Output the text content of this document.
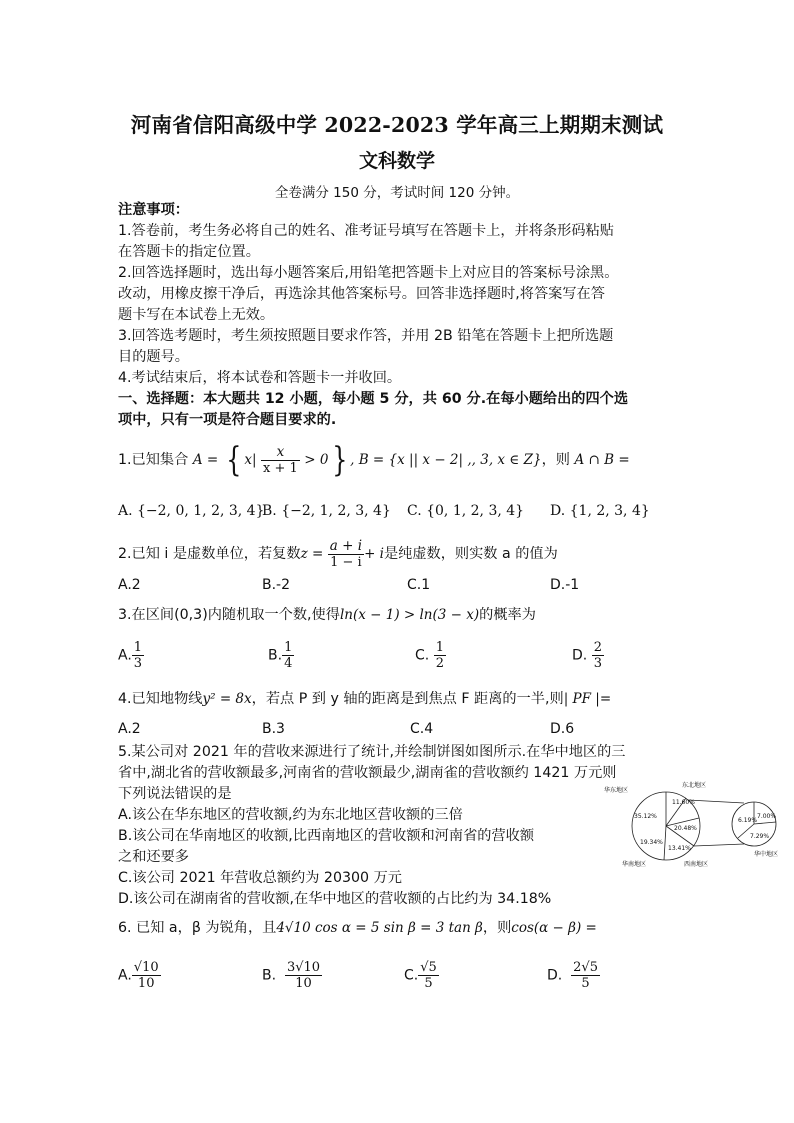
河南省信阳高级中学 2022-2023 学年高三上期期末测试
文科数学
全卷满分 150 分，考试时间 120 分钟。
注意事项：
1.答卷前，考生务必将自己的姓名、准考证号填写在答题卡上，并将条形码粘贴
在答题卡的指定位置。
2.回答选择题时，选出每小题答案后,用铅笔把答题卡上对应目的答案标号涂黑。
改动，用橡皮擦干净后，再选涂其他答案标号。回答非选择题时,将答案写在答
题卡写在本试卷上无效。
3.回答选考题时，考生须按照题目要求作答，并用 2B 铅笔在答题卡上把所选题
目的题号。
4.考试结束后，将本试卷和答题卡一并收回。
一、选择题：本大题共 12 小题，每小题 5 分，共 60 分.在每小题给出的四个选
项中，只有一项是符合题目要求的.
1.已知集合 A = { $x| \frac{x}{x + 1} > 0$} , B = {x || x − 2| ,, 3, x ∈ Z}，则 A ∩ B =
A. {−2, 0, 1, 2, 3, 4}
B. {−2, 1, 2, 3, 4} C. {0, 1, 2, 3, 4} D. {1, 2, 3, 4}
2.已知 i 是虚数单位，若复数$z = \frac{a + i}{1 - i} + i$是纯虚数，则实数 a 的值为
A.2	B.-2	C.1	D.-1
3.在区间(0,3)内随机取一个数,使得ln(x − 1) > ln(3 − x)的概率为
A. $\frac{1}{3}$	B. $\frac{1}{4}$	C. $\frac{1}{2}$	D. $\frac{2}{3}$
4.已知地物线y² = 8x，若点 P 到 y 轴的距离是到焦点 F 距离的一半,则| PF |=
A.2	B.3	C.4	D.6
5.某公司对 2021 年的营收来源进行了统计,并绘制饼图如图所示.在华中地区的三
省中,湖北省的营收额最多,河南省的营收额最少,湖南雀的营收额约 1421 万元则
下列说法错误的是
A.该公在华东地区的营收额,约为东北地区营收额的三倍
B.该公司在华南地区的收额,比西南地区的营收额和河南省的营收额
之和还要多
C.该公司 2021 年营收总额约为 20300 万元
D.该公司在湖南省的营收额,在华中地区的营收额的占比约为 34.18%
东北地区
华东地区
华南地区	西南地区
华中地区
35.12%
11.60%
20.48%
19.34%
13.41%
6.19%
7.00%
7.29%
6. 已知 a，β 为锐角，且4√10 cos α = 5 sin β = 3 tan β，则cos(α − β) =
A. $\frac{√10}{10}$	B. $\frac{3√10}{10}$	C. $\frac{√5}{5}$	D. $\frac{2√5}{5}$
